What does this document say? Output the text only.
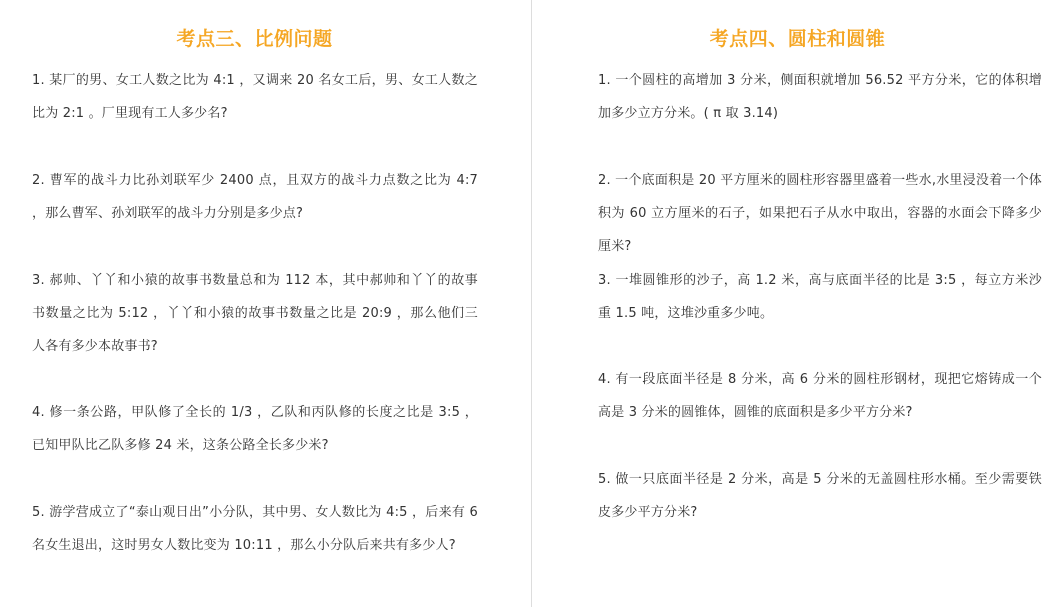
考点三、比例问题
1. 某厂的男、女工人数之比为 4:1 ，又调来 20 名女工后，男、女工人数之比为 2:1 。厂里现有工人多少名?
2. 曹军的战斗力比孙刘联军少 2400 点，且双方的战斗力点数之比为 4:7 ，那么曹军、孙刘联军的战斗力分别是多少点?
3. 郝帅、丫丫和小猿的故事书数量总和为 112 本，其中郝帅和丫丫的故事书数量之比为 5:12 ，丫丫和小猿的故事书数量之比是 20:9 ，那么他们三人各有多少本故事书?
4. 修一条公路，甲队修了全长的 1/3 ，乙队和丙队修的长度之比是 3:5 ，已知甲队比乙队多修 24 米，这条公路全长多少米?
5. 游学营成立了“泰山观日出”小分队，其中男、女人数比为 4:5 ，后来有 6 名女生退出，这时男女人数比变为 10:11 ，那么小分队后来共有多少人?
考点四、圆柱和圆锥
1. 一个圆柱的高增加 3 分米，侧面积就增加 56.52 平方分米，它的体积增加多少立方分米。( π 取 3.14)
2. 一个底面积是 20 平方厘米的圆柱形容器里盛着一些水,水里浸没着一个体积为 60 立方厘米的石子，如果把石子从水中取出，容器的水面会下降多少厘米?
3. 一堆圆锥形的沙子，高 1.2 米，高与底面半径的比是 3:5 ，每立方米沙重 1.5 吨，这堆沙重多少吨。
4. 有一段底面半径是 8 分米，高 6 分米的圆柱形钢材，现把它熔铸成一个高是 3 分米的圆锥体，圆锥的底面积是多少平方分米?
5. 做一只底面半径是 2 分米，高是 5 分米的无盖圆柱形水桶。至少需要铁皮多少平方分米?
